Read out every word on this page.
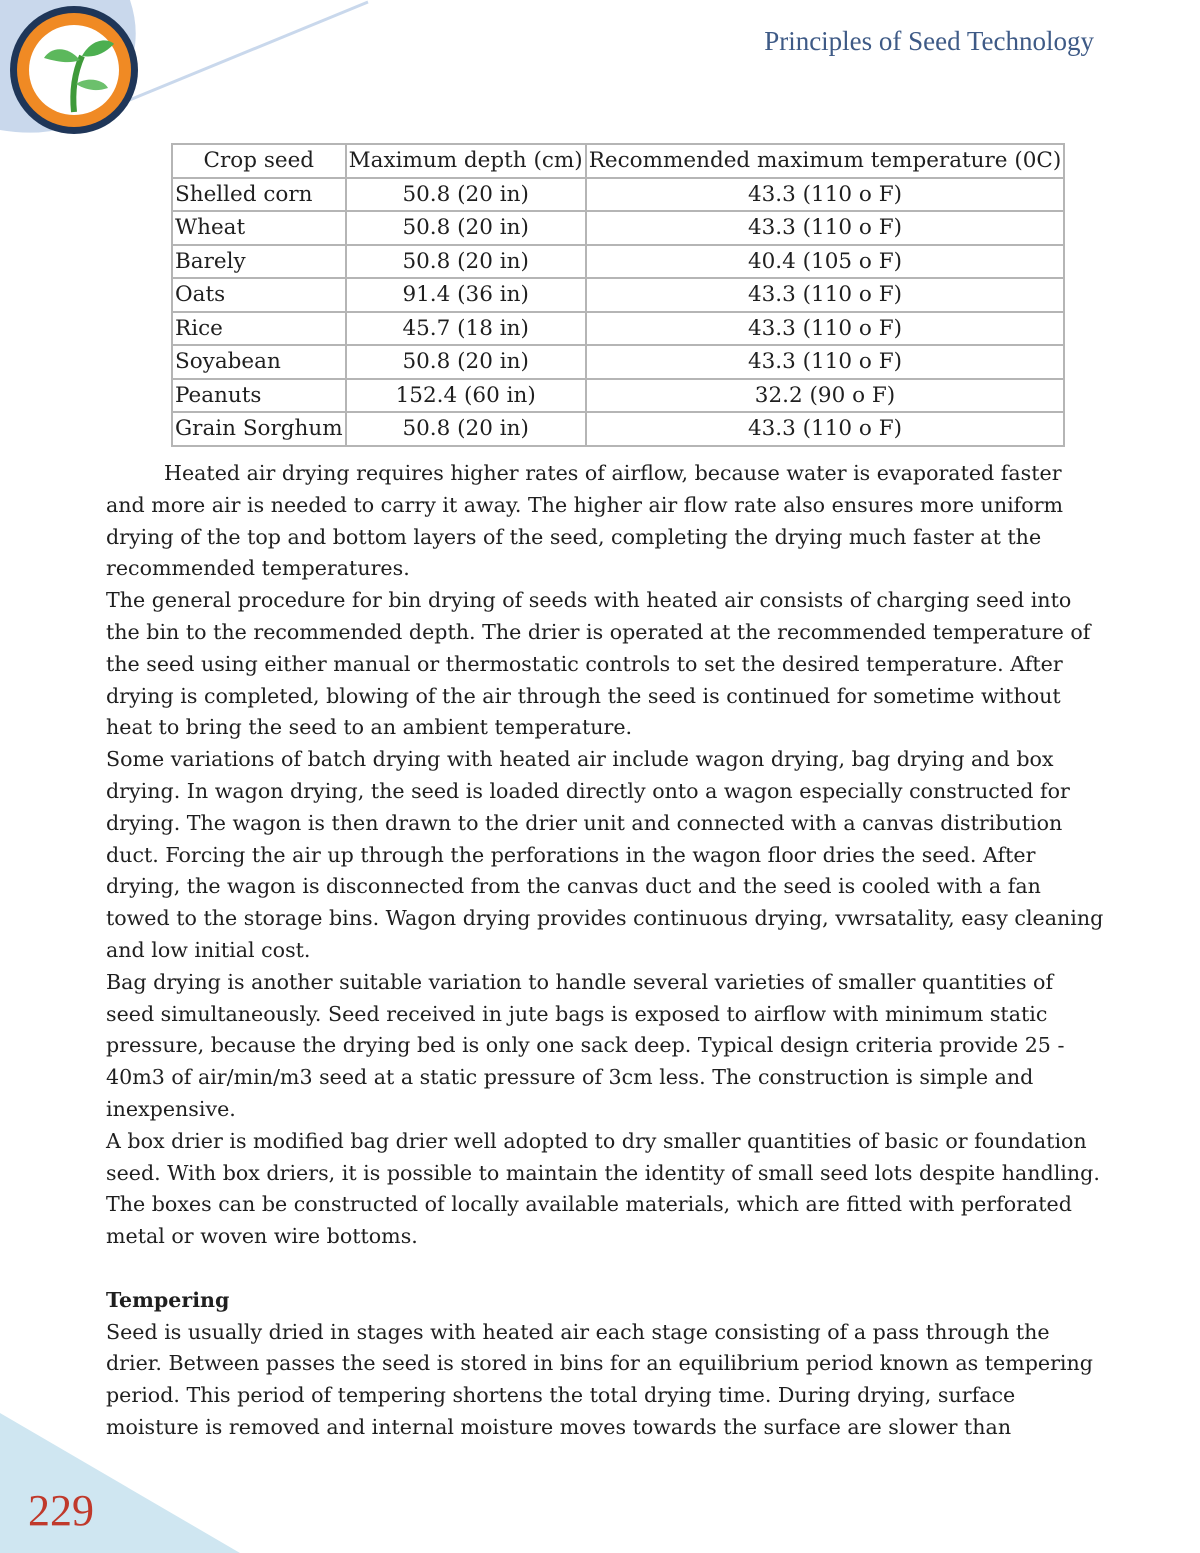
Principles of Seed Technology
Crop seed	Maximum depth (cm)	Recommended maximum temperature (0C)
Shelled corn	50.8 (20 in)	43.3 (110 o F)
Wheat	50.8 (20 in)	43.3 (110 o F)
Barely	50.8 (20 in)	40.4 (105 o F)
Oats	91.4 (36 in)	43.3 (110 o F)
Rice	45.7 (18 in)	43.3 (110 o F)
Soyabean	50.8 (20 in)	43.3 (110 o F)
Peanuts	152.4 (60 in)	32.2 (90 o F)
Grain Sorghum	50.8 (20 in)	43.3 (110 o F)

Heated air drying requires higher rates of airflow, because water is evaporated faster and more air is needed to carry it away. The higher air flow rate also ensures more uniform drying of the top and bottom layers of the seed, completing the drying much faster at the recommended temperatures.

The general procedure for bin drying of seeds with heated air consists of charging seed into the bin to the recommended depth. The drier is operated at the recommended temperature of the seed using either manual or thermostatic controls to set the desired temperature. After drying is completed, blowing of the air through the seed is continued for sometime without heat to bring the seed to an ambient temperature.

Some variations of batch drying with heated air include wagon drying, bag drying and box drying. In wagon drying, the seed is loaded directly onto a wagon especially constructed for drying. The wagon is then drawn to the drier unit and connected with a canvas distribution duct. Forcing the air up through the perforations in the wagon floor dries the seed. After drying, the wagon is disconnected from the canvas duct and the seed is cooled with a fan towed to the storage bins. Wagon drying provides continuous drying, vwrsatality, easy cleaning and low initial cost.

Bag drying is another suitable variation to handle several varieties of smaller quantities of seed simultaneously. Seed received in jute bags is exposed to airflow with minimum static pressure, because the drying bed is only one sack deep. Typical design criteria provide 25 - 40m3 of air/min/m3 seed at a static pressure of 3cm less. The construction is simple and inexpensive.

A box drier is modified bag drier well adopted to dry smaller quantities of basic or foundation seed. With box driers, it is possible to maintain the identity of small seed lots despite handling. The boxes can be constructed of locally available materials, which are fitted with perforated metal or woven wire bottoms.

Tempering

Seed is usually dried in stages with heated air each stage consisting of a pass through the drier. Between passes the seed is stored in bins for an equilibrium period known as tempering period. This period of tempering shortens the total drying time. During drying, surface moisture is removed and internal moisture moves towards the surface are slower than

229
